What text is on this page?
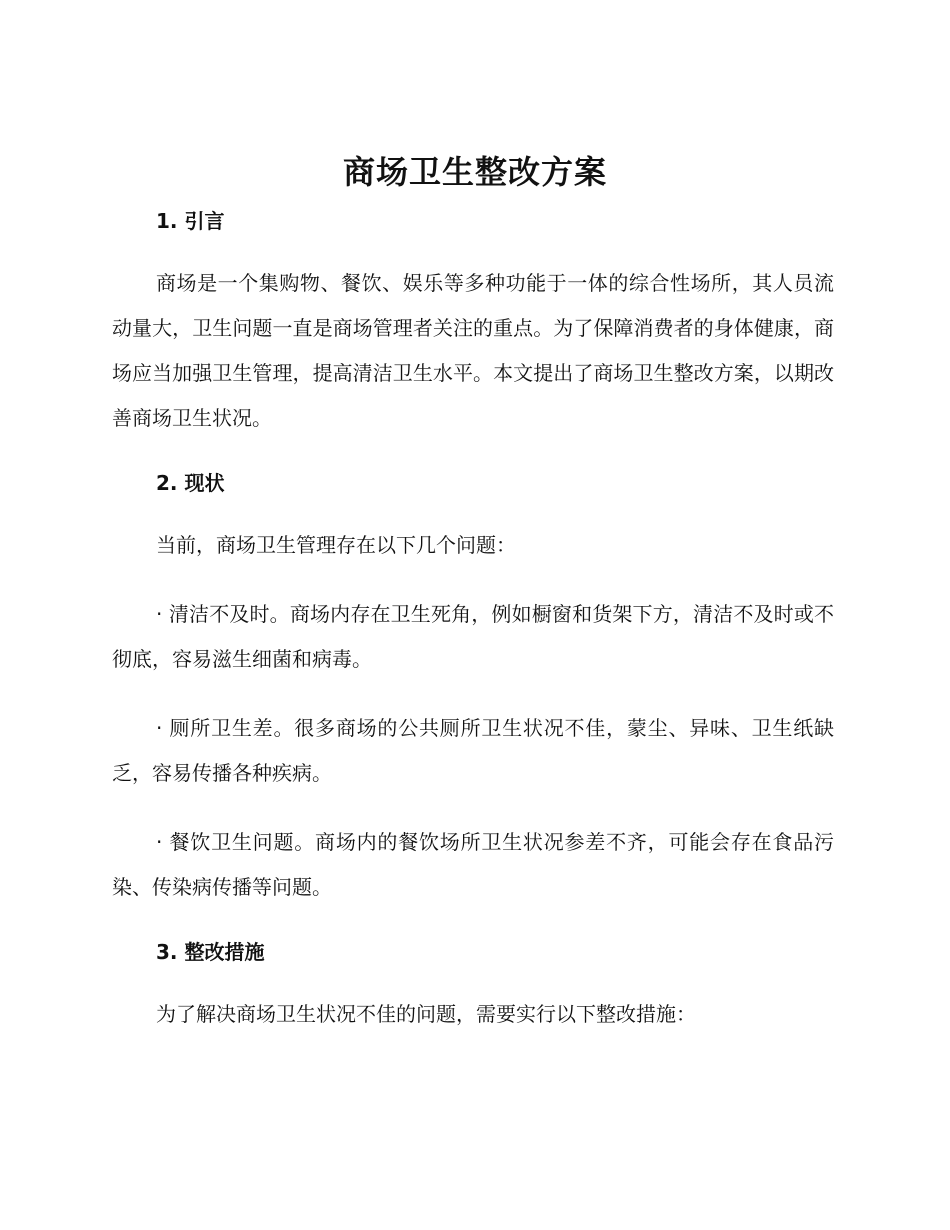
商场卫生整改方案
1. 引言

商场是一个集购物、餐饮、娱乐等多种功能于一体的综合性场所，其人员流动量大，卫生问题一直是商场管理者关注的重点。为了保障消费者的身体健康，商场应当加强卫生管理，提高清洁卫生水平。本文提出了商场卫生整改方案，以期改善商场卫生状况。

2. 现状

当前，商场卫生管理存在以下几个问题：

· 清洁不及时。商场内存在卫生死角，例如橱窗和货架下方，清洁不及时或不彻底，容易滋生细菌和病毒。

· 厕所卫生差。很多商场的公共厕所卫生状况不佳，蒙尘、异味、卫生纸缺乏，容易传播各种疾病。

· 餐饮卫生问题。商场内的餐饮场所卫生状况参差不齐，可能会存在食品污染、传染病传播等问题。

3. 整改措施

为了解决商场卫生状况不佳的问题，需要实行以下整改措施：
